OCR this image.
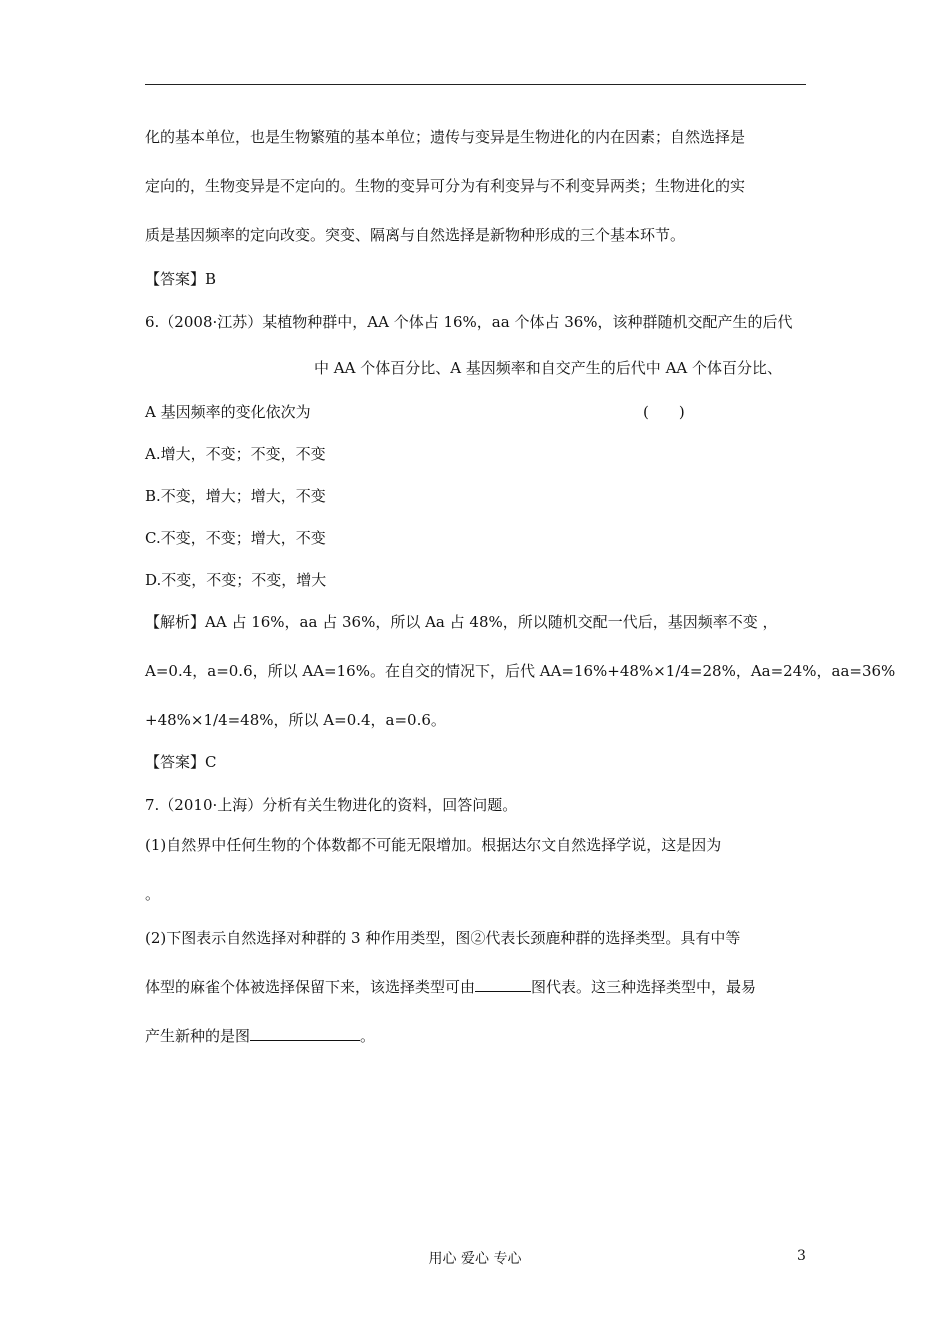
化的基本单位，也是生物繁殖的基本单位；遗传与变异是生物进化的内在因素；自然选择是
定向的，生物变异是不定向的。生物的变异可分为有利变异与不利变异两类；生物进化的实
质是基因频率的定向改变。突变、隔离与自然选择是新物种形成的三个基本环节。
【答案】B
6.（2008·江苏）某植物种群中，AA 个体占 16%，aa 个体占 36%，该种群随机交配产生的后代
中 AA 个体百分比、A 基因频率和自交产生的后代中 AA 个体百分比、
A 基因频率的变化依次为	(　　)
A.增大，不变；不变，不变
B.不变，增大；增大，不变
C.不变，不变；增大，不变
D.不变，不变；不变，增大
【解析】AA 占 16%，aa 占 36%，所以 Aa 占 48%，所以随机交配一代后，基因频率不变 ，
A=0.4，a=0.6，所以 AA=16%。在自交的情况下，后代 AA=16%+48%×1/4=28%，Aa=24%，aa=36%
+48%×1/4=48%，所以 A=0.4，a=0.6。
【答案】C
7.（2010·上海）分析有关生物进化的资料，回答问题。
(1)自然界中任何生物的个体数都不可能无限增加。根据达尔文自然选择学说，这是因为
。
(2)下图表示自然选择对种群的 3 种作用类型，图②代表长颈鹿种群的选择类型。具有中等
体型的麻雀个体被选择保留下来，该选择类型可由	图代表。这三种选择类型中，最易
产生新种的是图	。
用心 爱心 专心	3
